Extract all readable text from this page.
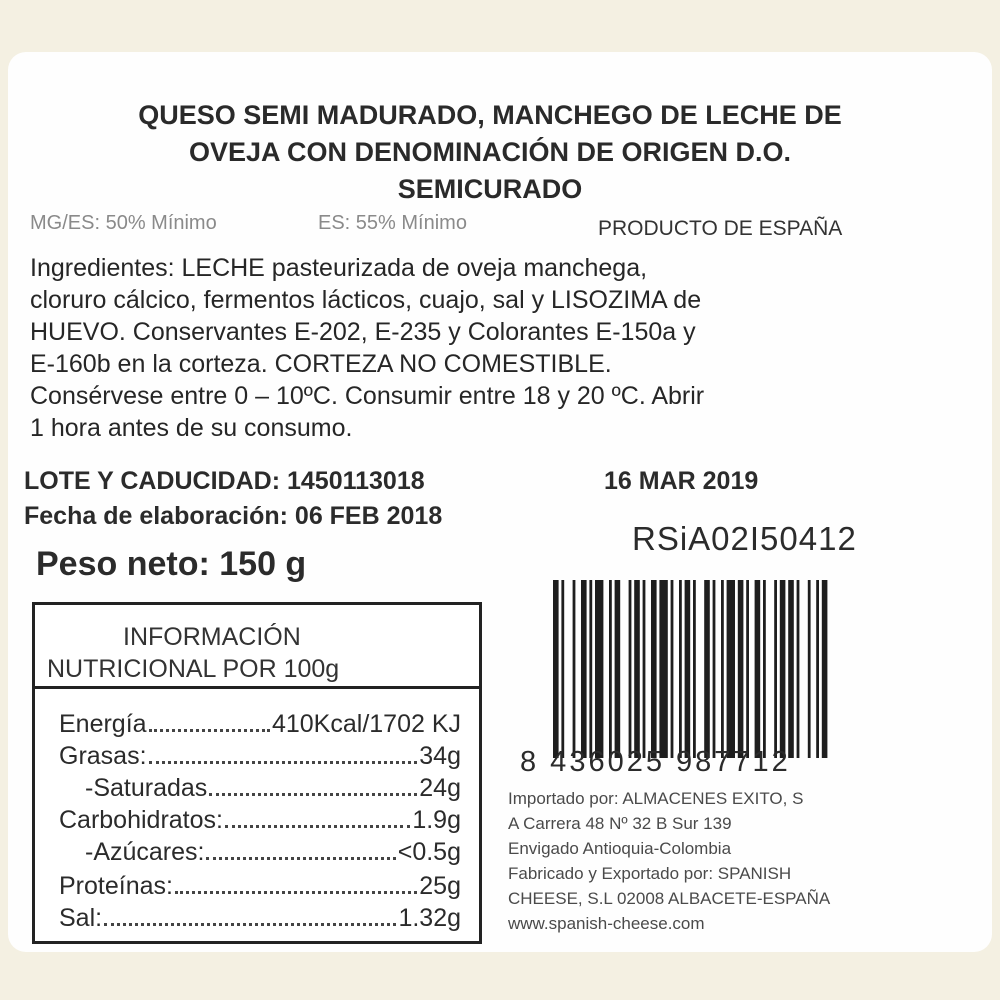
QUESO SEMI MADURADO, MANCHEGO DE LECHE DE
OVEJA CON DENOMINACIÓN DE ORIGEN D.O.
SEMICURADO
MG/ES: 50% Mínimo	ES: 55% Mínimo	PRODUCTO DE ESPAÑA
Ingredientes: LECHE pasteurizada de oveja manchega,
cloruro cálcico, fermentos lácticos, cuajo, sal y LISOZIMA de
HUEVO. Conservantes E-202, E-235 y Colorantes E-150a y
E-160b en la corteza. CORTEZA NO COMESTIBLE.
Consérvese entre 0 – 10ºC. Consumir entre 18 y 20 ºC. Abrir
1 hora antes de su consumo.
LOTE Y CADUCIDAD: 1450113018	16 MAR 2019
Fecha de elaboración: 06 FEB 2018
RSiA02I50412
Peso neto: 150 g
INFORMACIÓN
NUTRICIONAL POR 100g
Energía	410Kcal/1702 KJ
Grasas:	34g
-Saturadas	24g
Carbohidratos:	1.9g
-Azúcares:	<0.5g
Proteínas:	25g
Sal:	1.32g
8 436025 987712
Importado por: ALMACENES EXITO, S
A Carrera 48 Nº 32 B Sur 139
Envigado Antioquia-Colombia
Fabricado y Exportado por: SPANISH
CHEESE, S.L 02008 ALBACETE-ESPAÑA
www.spanish-cheese.com
